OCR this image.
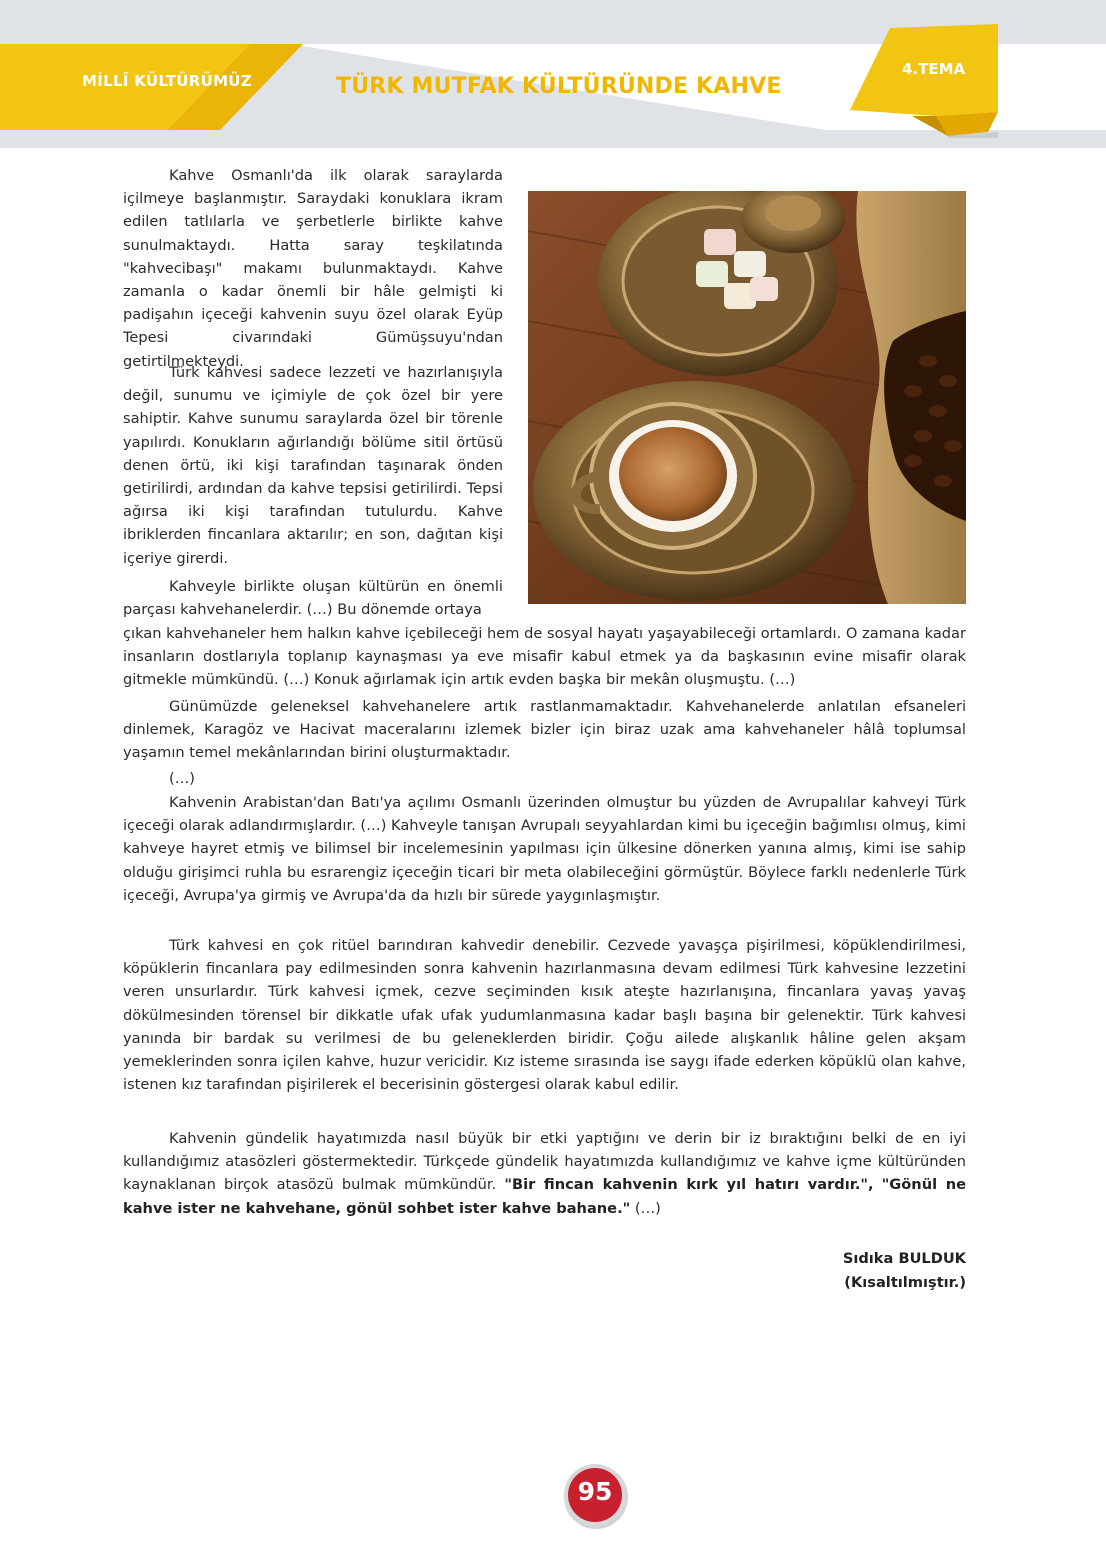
MİLLÎ KÜLTÜRÜMÜZ	TÜRK MUTFAK KÜLTÜRÜNDE KAHVE
4.TEMA

Kahve Osmanlı'da ilk olarak saraylarda içilmeye başlanmıştır. Saraydaki konuklara ikram edilen tatlılarla ve şerbetlerle birlikte kahve sunulmaktaydı. Hatta saray teşkilatında "kahvecibaşı" makamı bulunmaktaydı. Kahve zamanla o kadar önemli bir hâle gelmişti ki padişahın içeceği kahvenin suyu özel olarak Eyüp Tepesi civarındaki Gümüşsuyu'ndan getirtilmekteydi.

Türk kahvesi sadece lezzeti ve hazırlanışıyla değil, sunumu ve içimiyle de çok özel bir yere sahiptir. Kahve sunumu saraylarda özel bir törenle yapılırdı. Konukların ağırlandığı bölüme sitil örtüsü denen örtü, iki kişi tarafından taşınarak önden getirilirdi, ardından da kahve tepsisi getirilirdi. Tepsi ağırsa iki kişi tarafından tutulurdu. Kahve ibriklerden fincanlara aktarılır; en son, dağıtan kişi içeriye girerdi.

Kahveyle birlikte oluşan kültürün en önemli parçası kahvehanelerdir. (…) Bu dönemde ortaya

çıkan kahvehaneler hem halkın kahve içebileceği hem de sosyal hayatı yaşayabileceği ortamlardı. O zamana kadar insanların dostlarıyla toplanıp kaynaşması ya eve misafir kabul etmek ya da başkasının evine misafir olarak gitmekle mümkündü. (…) Konuk ağırlamak için artık evden başka bir mekân oluşmuştu. (…)

Günümüzde geleneksel kahvehanelere artık rastlanmamaktadır. Kahvehanelerde anlatılan efsaneleri dinlemek, Karagöz ve Hacivat maceralarını izlemek bizler için biraz uzak ama kahvehaneler hâlâ toplumsal yaşamın temel mekânlarından birini oluşturmaktadır.

(…)

Kahvenin Arabistan'dan Batı'ya açılımı Osmanlı üzerinden olmuştur bu yüzden de Avrupalılar kahveyi Türk içeceği olarak adlandırmışlardır. (…) Kahveyle tanışan Avrupalı seyyahlardan kimi bu içeceğin bağımlısı olmuş, kimi kahveye hayret etmiş ve bilimsel bir incelemesinin yapılması için ülkesine dönerken yanına almış, kimi ise sahip olduğu girişimci ruhla bu esrarengiz içeceğin ticari bir meta olabileceğini görmüştür. Böylece farklı nedenlerle Türk içeceği, Avrupa'ya girmiş ve Avrupa'da da hızlı bir sürede yaygınlaşmıştır.

Türk kahvesi en çok ritüel barındıran kahvedir denebilir. Cezvede yavaşça pişirilmesi, köpüklendirilmesi, köpüklerin fincanlara pay edilmesinden sonra kahvenin hazırlanmasına devam edilmesi Türk kahvesine lezzetini veren unsurlardır. Türk kahvesi içmek, cezve seçiminden kısık ateşte hazırlanışına, fincanlara yavaş yavaş dökülmesinden törensel bir dikkatle ufak ufak yudumlanmasına kadar başlı başına bir gelenektir. Türk kahvesi yanında bir bardak su verilmesi de bu geleneklerden biridir. Çoğu ailede alışkanlık hâline gelen akşam yemeklerinden sonra içilen kahve, huzur vericidir. Kız isteme sırasında ise saygı ifade ederken köpüklü olan kahve, istenen kız tarafından pişirilerek el becerisinin göstergesi olarak kabul edilir.

Kahvenin gündelik hayatımızda nasıl büyük bir etki yaptığını ve derin bir iz bıraktığını belki de en iyi kullandığımız atasözleri göstermektedir. Türkçede gündelik hayatımızda kullandığımız ve kahve içme kültüründen kaynaklanan birçok atasözü bulmak mümkündür. "Bir fincan kahvenin kırk yıl hatırı vardır.", "Gönül ne kahve ister ne kahvehane, gönül sohbet ister kahve bahane." (…)

Sıdıka BULDUK
(Kısaltılmıştır.)
95
